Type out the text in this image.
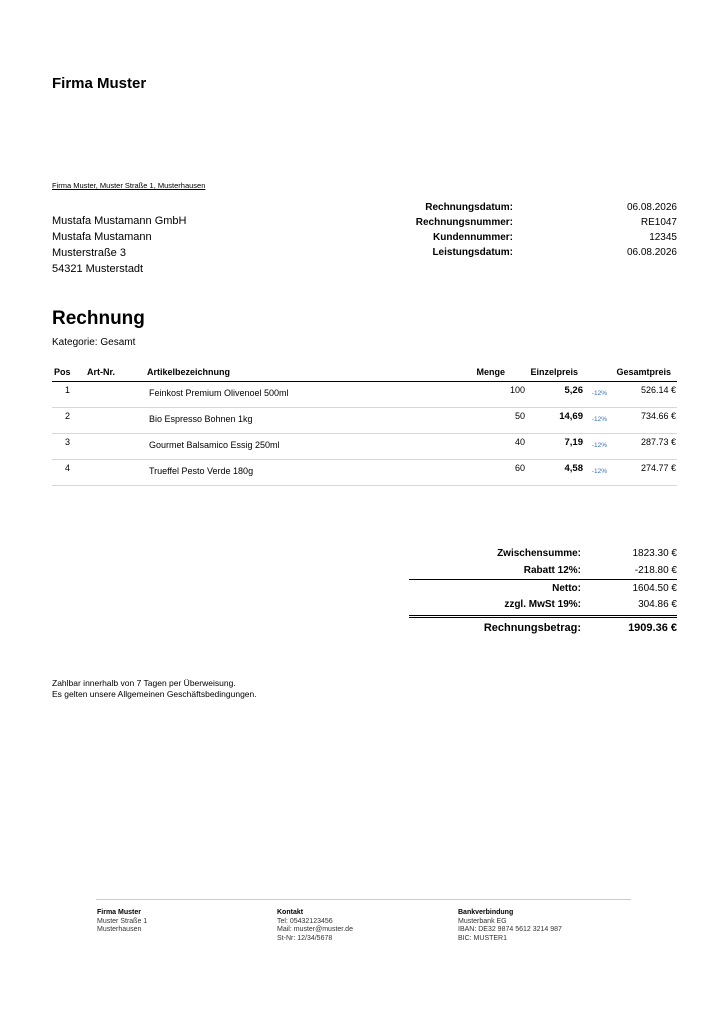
Firma Muster
Firma Muster, Muster Straße 1, Musterhausen
Mustafa Mustamann GmbH
Mustafa Mustamann
Musterstraße 3
54321 Musterstadt
Rechnungsdatum:	06.08.2026
Rechnungsnummer:	RE1047
Kundennummer:	12345
Leistungsdatum:	06.08.2026
Rechnung
Kategorie: Gesamt
Pos Art-Nr.	Artikelbezeichnung	Menge	Einzelpreis	Gesamtpreis
1	Feinkost Premium Olivenoel 500ml	100	5,26 -12%	526.14 €
2	Bio Espresso Bohnen 1kg	50	14,69 -12%	734.66 €
3	Gourmet Balsamico Essig 250ml	40	7,19 -12%	287.73 €
4	Trueffel Pesto Verde 180g	60	4,58 -12%	274.77 €
Zwischensumme:	1823.30 €
Rabatt 12%:	-218.80 €
Netto:	1604.50 €
zzgl. MwSt 19%:	304.86 €
Rechnungsbetrag:	1909.36 €
Zahlbar innerhalb von 7 Tagen per Überweisung.
Es gelten unsere Allgemeinen Geschäftsbedingungen.
Firma Muster
Muster Straße 1
Musterhausen
Kontakt
Tel: 05432123456
Mail: muster@muster.de
St-Nr: 12/34/5678
Bankverbindung
Musterbank EG
IBAN: DE32 9874 5612 3214 987
BIC: MUSTER1
